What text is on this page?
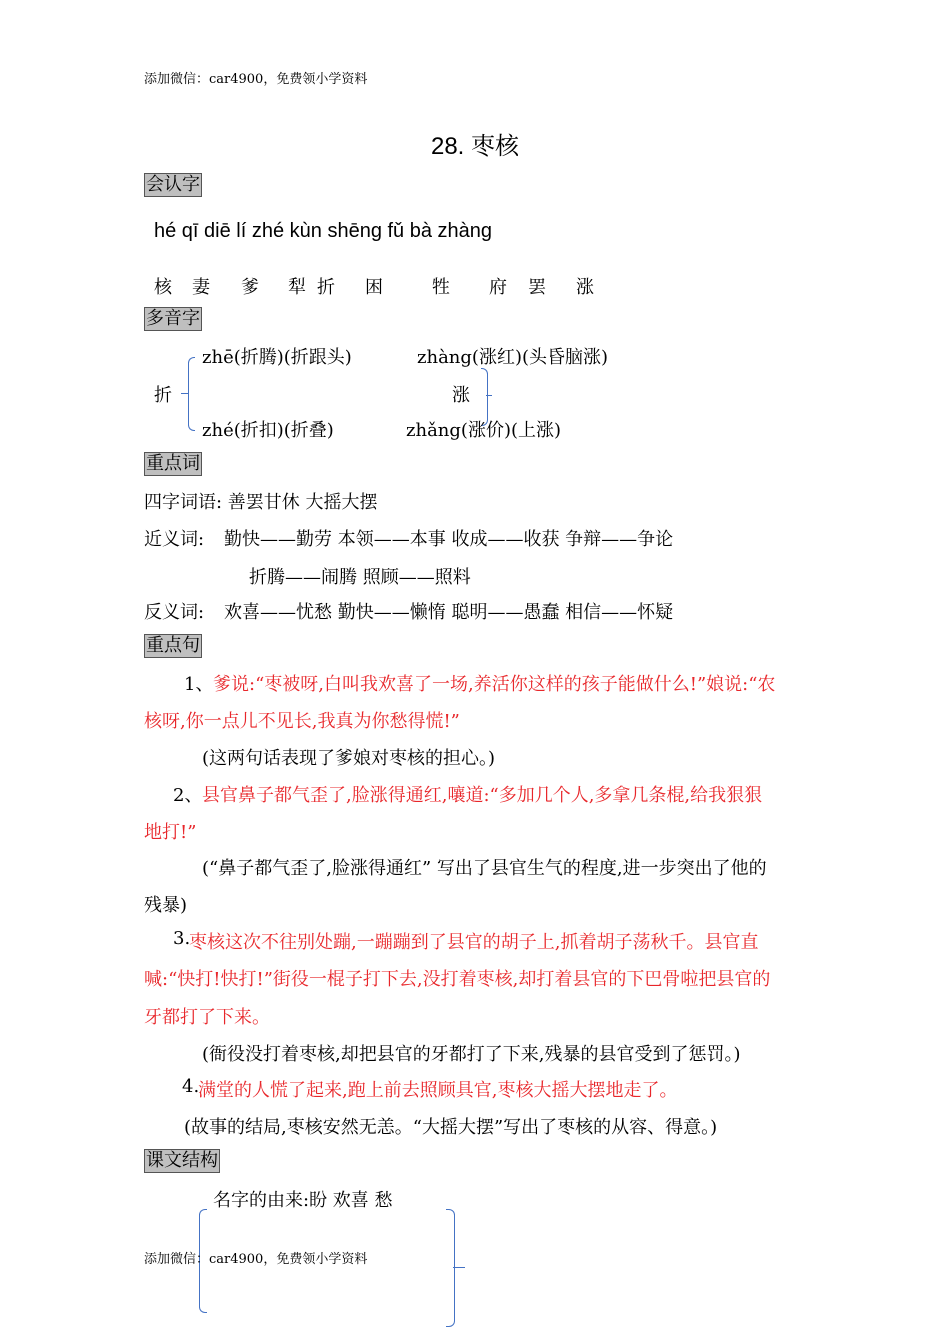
添加微信：car4900，免费领小学资料
28. 枣核
会认字
hé qī diē lí zhé kùn shēng fǔ bà zhàng
核 妻 爹 犁 折 困	牲 府 罢 涨
多音字
折
zhē(折腾)(折跟头)
zhé(折扣)(折叠)
涨
zhàng(涨红)(头昏脑涨)
zhǎng(涨价)(上涨)
重点词
四字词语: 善罢甘休 大摇大摆
近义词: 勤快——勤劳 本领——本事 收成——收获 争辩——争论
折腾——闹腾 照顾——照料
反义词: 欢喜——忧愁 勤快——懒惰 聪明——愚蠢 相信——怀疑
重点句
1、 爹说:“枣被呀,白叫我欢喜了一场,养活你这样的孩子能做什么!”娘说:“农
核呀,你一点儿不见长,我真为你愁得慌!”
(这两句话表现了爹娘对枣核的担心。)
2、 县官鼻子都气歪了,脸涨得通红,嚷道:“多加几个人,多拿几条棍,给我狠狠
地打!”
(“鼻子都气歪了,脸涨得通红” 写出了县官生气的程度,进一步突出了他的
残暴)
3.
枣核这次不往别处蹦,一蹦蹦到了县官的胡子上,抓着胡子荡秋千。县官直
喊:“快打!快打!”街役一棍子打下去,没打着枣核,却打着县官的下巴骨啦把县官的
牙都打了下来。
(衙役没打着枣核,却把县官的牙都打了下来,残暴的县官受到了惩罚。)
4.
满堂的人慌了起来,跑上前去照顾具官,枣核大摇大摆地走了。
(故事的结局,枣核安然无恙。“大摇大摆”写出了枣核的从容、得意。)
课文结构
名字的由来:盼 欢喜 愁
添加微信：car4900，免费领小学资料
